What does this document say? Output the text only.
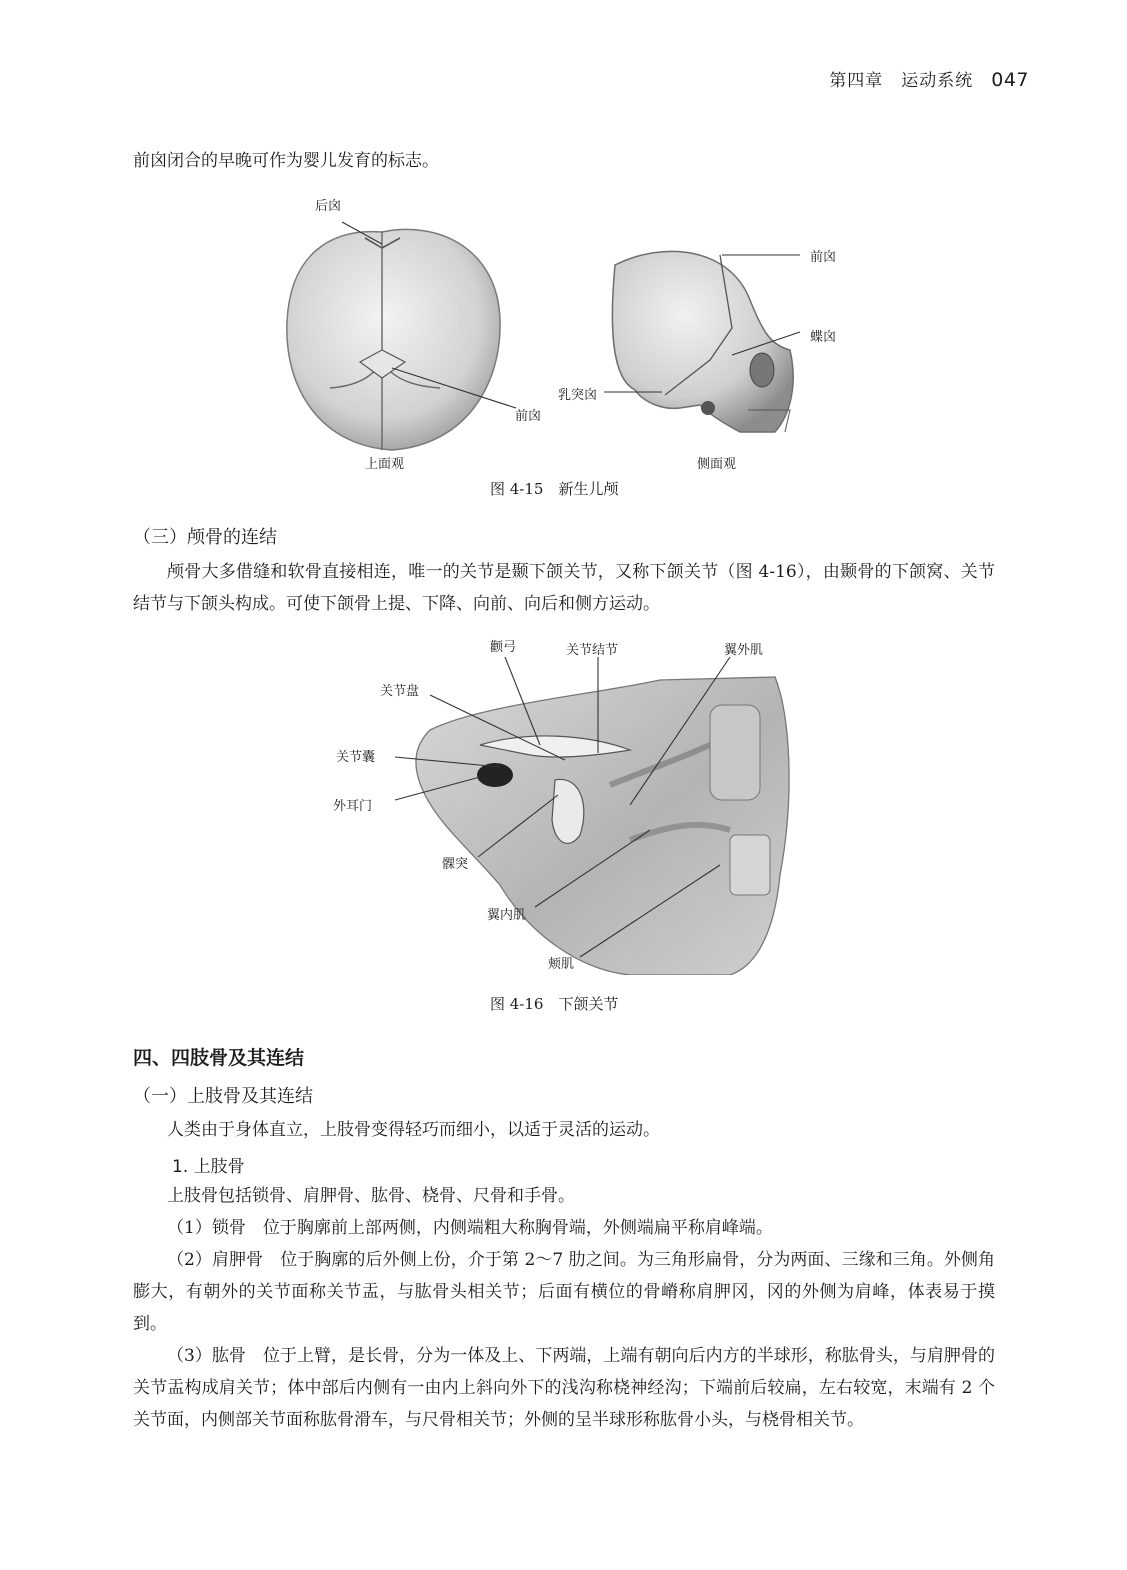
第四章　运动系统 047
前囟闭合的早晚可作为婴儿发育的标志。
后囟
前囟
前囟
蝶囟
乳突囟
上面观	侧面观
图 4-15　新生儿颅
（三）颅骨的连结
颅骨大多借缝和软骨直接相连，唯一的关节是颞下颌关节，又称下颌关节（图 4-16），由颞骨的下颌窝、关节结节与下颌头构成。可使下颌骨上提、下降、向前、向后和侧方运动。
颧弓	关节结节	翼外肌
关节盘
关节囊
外耳门
髁突
翼内肌
颊肌
图 4-16　下颌关节
四、四肢骨及其连结
（一）上肢骨及其连结
人类由于身体直立，上肢骨变得轻巧而细小，以适于灵活的运动。
1. 上肢骨
上肢骨包括锁骨、肩胛骨、肱骨、桡骨、尺骨和手骨。
（1）锁骨　位于胸廓前上部两侧，内侧端粗大称胸骨端，外侧端扁平称肩峰端。
（2）肩胛骨　位于胸廓的后外侧上份，介于第 2～7 肋之间。为三角形扁骨，分为两面、三缘和三角。外侧角膨大，有朝外的关节面称关节盂，与肱骨头相关节；后面有横位的骨嵴称肩胛冈，冈的外侧为肩峰，体表易于摸到。
（3）肱骨　位于上臂，是长骨，分为一体及上、下两端，上端有朝向后内方的半球形，称肱骨头，与肩胛骨的关节盂构成肩关节；体中部后内侧有一由内上斜向外下的浅沟称桡神经沟；下端前后较扁，左右较宽，末端有 2 个关节面，内侧部关节面称肱骨滑车，与尺骨相关节；外侧的呈半球形称肱骨小头，与桡骨相关节。
